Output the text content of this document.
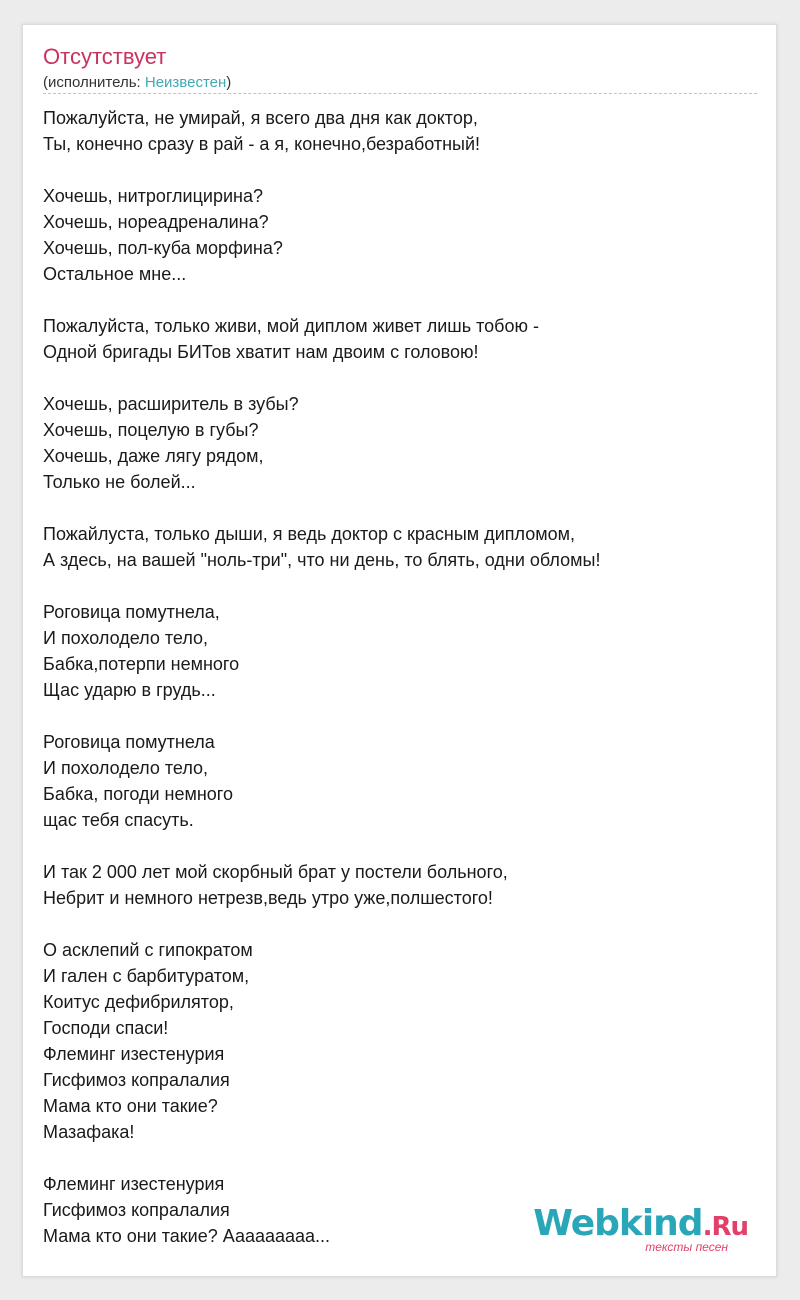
Отсутствует
(исполнитель: Неизвестен)
Пожалуйста, не умирай, я всего два дня как доктор,
Ты, конечно сразу в рай - а я, конечно,безработный!
Хочешь, нитроглицирина?
Хочешь, нореадреналина?
Хочешь, пол-куба морфина?
Остальное мне...
Пожалуйста, только живи, мой диплом живет лишь тобою -
Одной бригады БИТов хватит нам двоим с головою!
Хочешь, расширитель в зубы?
Хочешь, поцелую в губы?
Хочешь, даже лягу рядом,
Только не болей...
Пожайлуста, только дыши, я ведь доктор с красным дипломом,
А здесь, на вашей "ноль-три", что ни день, то блять, одни обломы!
Роговица помутнела,
И похолодело тело,
Бабка,потерпи немного
Щас ударю в грудь...
Роговица помутнела
И похолодело тело,
Бабка, погоди немного
щас тебя спасуть.
И так 2 000 лет мой скорбный брат у постели больного,
Небрит и немного нетрезв,ведь утро уже,полшестого!
О асклепий с гипократом
И гален с барбитуратом,
Коитус дефибрилятор,
Господи спаси!
Флеминг изестенурия
Гисфимоз копралалия
Мама кто они такие?
Мазафака!
Флеминг изестенурия
Гисфимоз копралалия
Мама кто они такие? Ааааааааа...	Webkind.Ru
тексты песен
